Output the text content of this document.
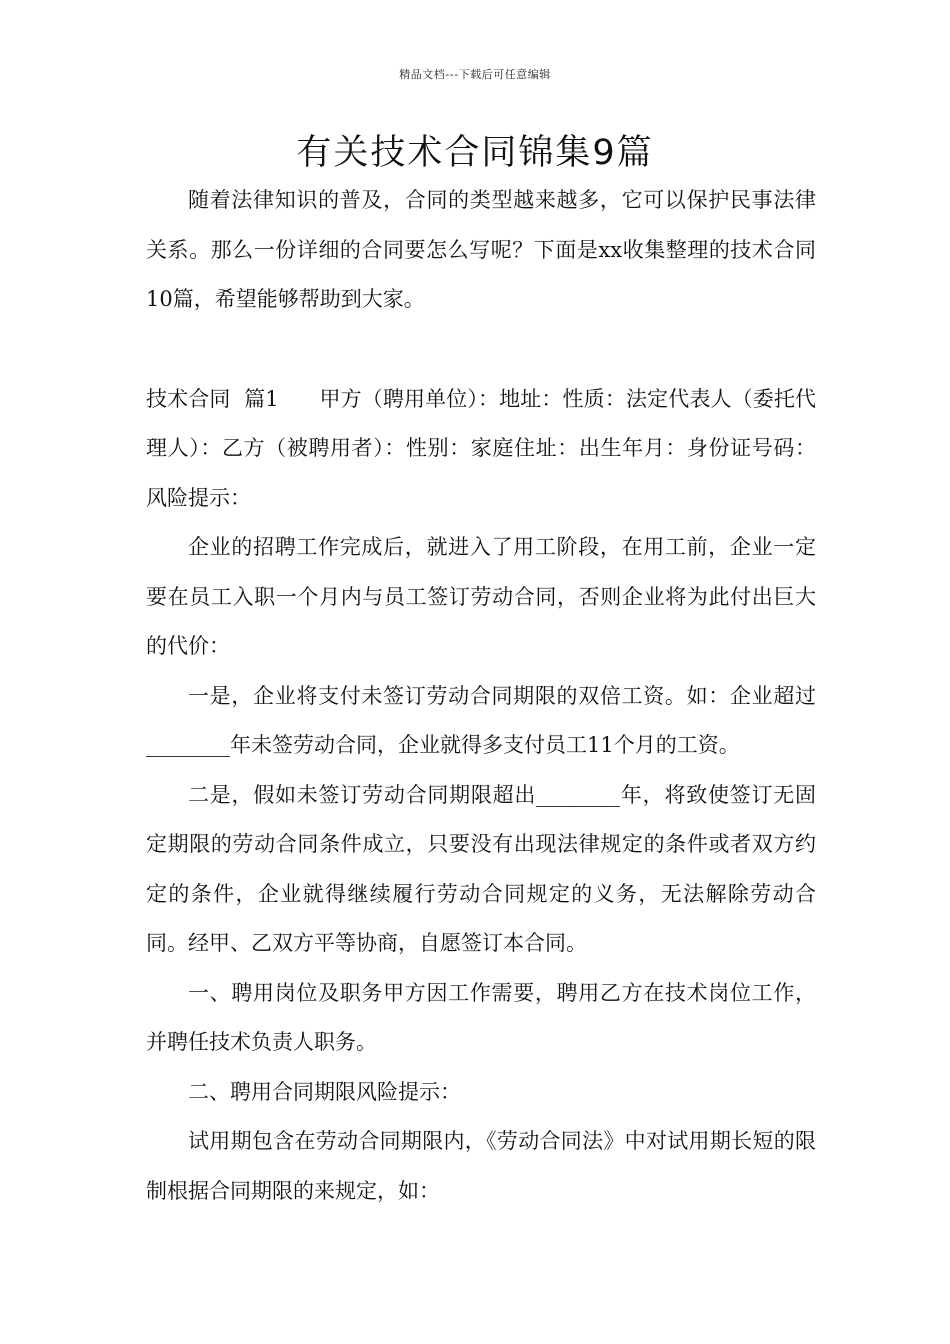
精品文档---下载后可任意编辑
有关技术合同锦集9篇

随着法律知识的普及，合同的类型越来越多，它可以保护民事法律关系。那么一份详细的合同要怎么写呢？下面是xx收集整理的技术合同10篇，希望能够帮助到大家。

技术合同  篇1 甲方（聘用单位）：地址：性质：法定代表人（委托代理人）：乙方（被聘用者）：性别：家庭住址：出生年月：身份证号码：风险提示：

企业的招聘工作完成后，就进入了用工阶段，在用工前，企业一定要在员工入职一个月内与员工签订劳动合同，否则企业将为此付出巨大的代价：

一是，企业将支付未签订劳动合同期限的双倍工资。如：企业超过________年未签劳动合同，企业就得多支付员工11个月的工资。

二是，假如未签订劳动合同期限超出________年，将致使签订无固定期限的劳动合同条件成立，只要没有出现法律规定的条件或者双方约定的条件，企业就得继续履行劳动合同规定的义务，无法解除劳动合同。经甲、乙双方平等协商，自愿签订本合同。

一、聘用岗位及职务甲方因工作需要，聘用乙方在技术岗位工作，并聘任技术负责人职务。

二、聘用合同期限风险提示：

试用期包含在劳动合同期限内，《劳动合同法》中对试用期长短的限制根据合同期限的来规定，如：
